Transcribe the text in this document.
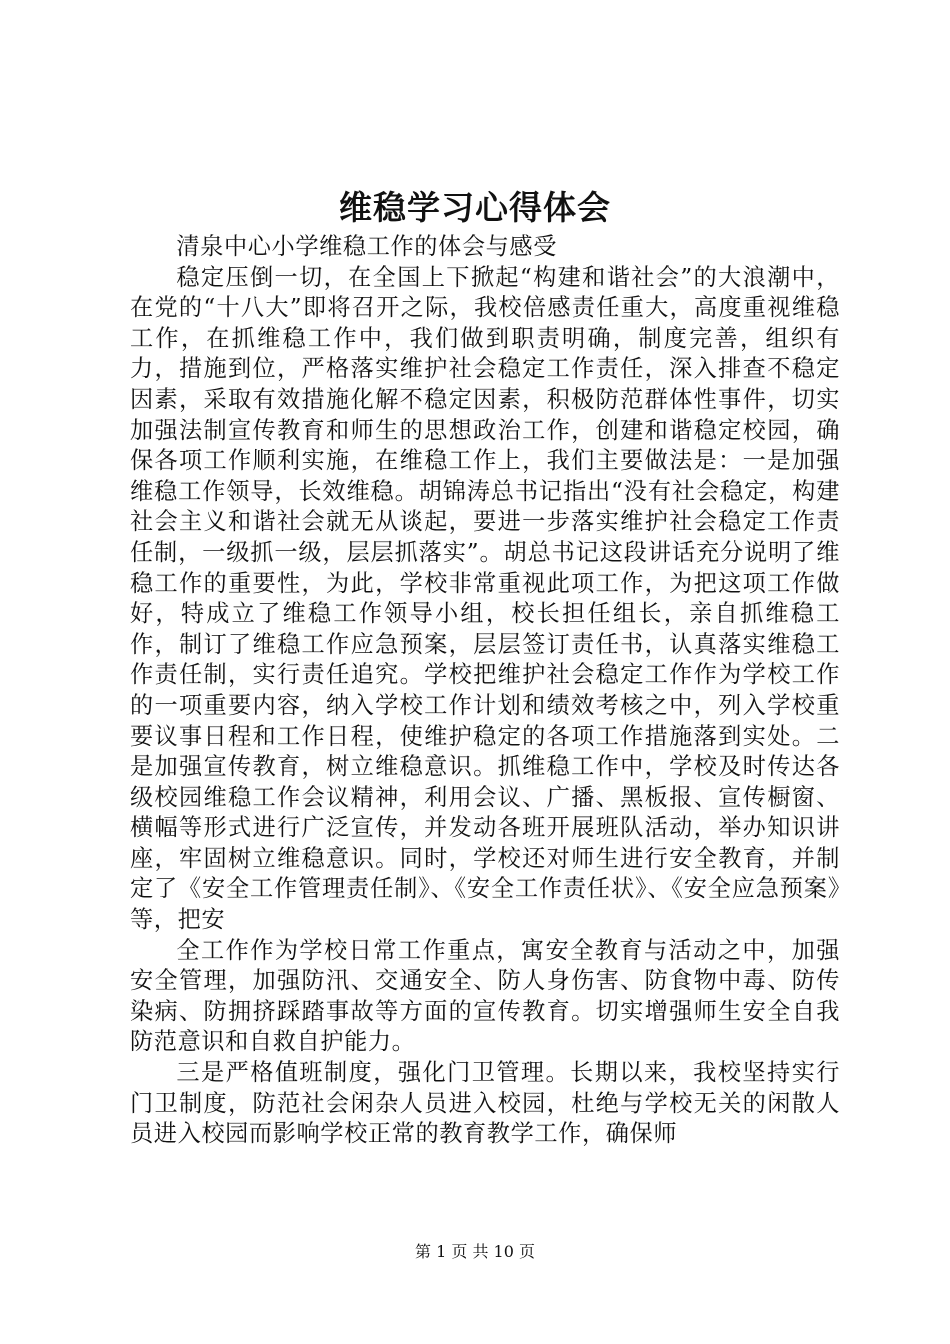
维稳学习心得体会

清泉中心小学维稳工作的体会与感受

稳定压倒一切，在全国上下掀起“构建和谐社会”的大浪潮中，在党的“十八大”即将召开之际，我校倍感责任重大，高度重视维稳工作，在抓维稳工作中，我们做到职责明确，制度完善，组织有力，措施到位，严格落实维护社会稳定工作责任，深入排查不稳定因素，采取有效措施化解不稳定因素，积极防范群体性事件，切实加强法制宣传教育和师生的思想政治工作，创建和谐稳定校园，确保各项工作顺利实施，在维稳工作上，我们主要做法是：一是加强维稳工作领导，长效维稳。胡锦涛总书记指出“没有社会稳定，构建社会主义和谐社会就无从谈起，要进一步落实维护社会稳定工作责任制，一级抓一级，层层抓落实”。胡总书记这段讲话充分说明了维稳工作的重要性，为此，学校非常重视此项工作，为把这项工作做好，特成立了维稳工作领导小组，校长担任组长，亲自抓维稳工作，制订了维稳工作应急预案，层层签订责任书，认真落实维稳工作责任制，实行责任追究。学校把维护社会稳定工作作为学校工作的一项重要内容，纳入学校工作计划和绩效考核之中，列入学校重要议事日程和工作日程，使维护稳定的各项工作措施落到实处。二是加强宣传教育，树立维稳意识。抓维稳工作中，学校及时传达各级校园维稳工作会议精神，利用会议、广播、黑板报、宣传橱窗、横幅等形式进行广泛宣传，并发动各班开展班队活动，举办知识讲座，牢固树立维稳意识。同时，学校还对师生进行安全教育，并制定了《安全工作管理责任制》、《安全工作责任状》、《安全应急预案》等，把安

全工作作为学校日常工作重点，寓安全教育与活动之中，加强安全管理，加强防汛、交通安全、防人身伤害、防食物中毒、防传染病、防拥挤踩踏事故等方面的宣传教育。切实增强师生安全自我防范意识和自救自护能力。

三是严格值班制度，强化门卫管理。长期以来，我校坚持实行门卫制度，防范社会闲杂人员进入校园，杜绝与学校无关的闲散人员进入校园而影响学校正常的教育教学工作，确保师

第 1 页 共 10 页
